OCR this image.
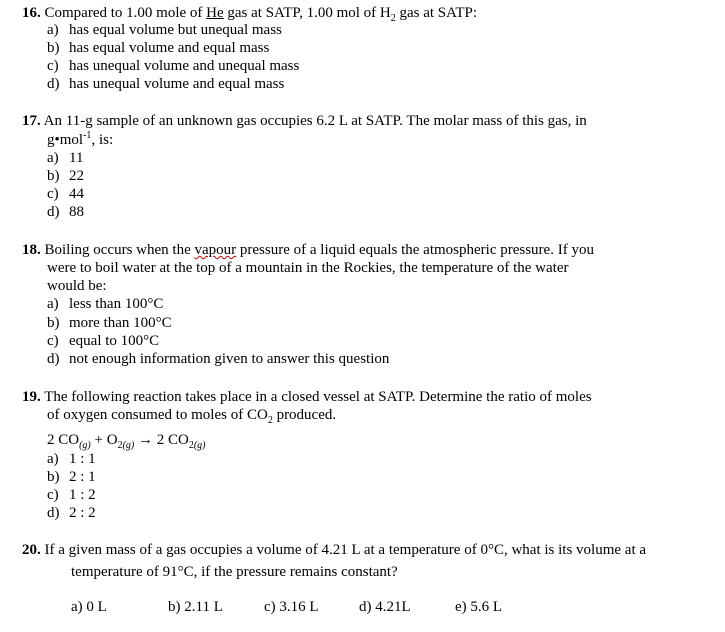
16. Compared to 1.00 mole of He gas at SATP, 1.00 mol of $H_2$ gas at SATP:
a) has equal volume but unequal mass
b) has equal volume and equal mass
c) has unequal volume and unequal mass
d) has unequal volume and equal mass
17. An 11-g sample of an unknown gas occupies 6.2 L at SATP. The molar mass of this gas, in
g•mol$^{-1}$, is:
a) 11
b) 22
c) 44
d) 88
18. Boiling occurs when the vapour pressure of a liquid equals the atmospheric pressure. If you
were to boil water at the top of a mountain in the Rockies, the temperature of the water
would be:
a) less than 100°C
b) more than 100°C
c) equal to 100°C
d) not enough information given to answer this question
19. The following reaction takes place in a closed vessel at SATP. Determine the ratio of moles
of oxygen consumed to moles of $CO_2$ produced.
2 $CO_{(g)} + O_{2(g)} \to 2$ $CO_{2(g)}$
a) 1 : 1
b) 2 : 1
c) 1 : 2
d) 2 : 2
20. If a given mass of a gas occupies a volume of 4.21 L at a temperature of 0°C, what is its volume at a
temperature of 91°C, if the pressure remains constant?
a) 0 L	b) 2.11 L	c) 3.16 L	d) 4.21L	e) 5.6 L
